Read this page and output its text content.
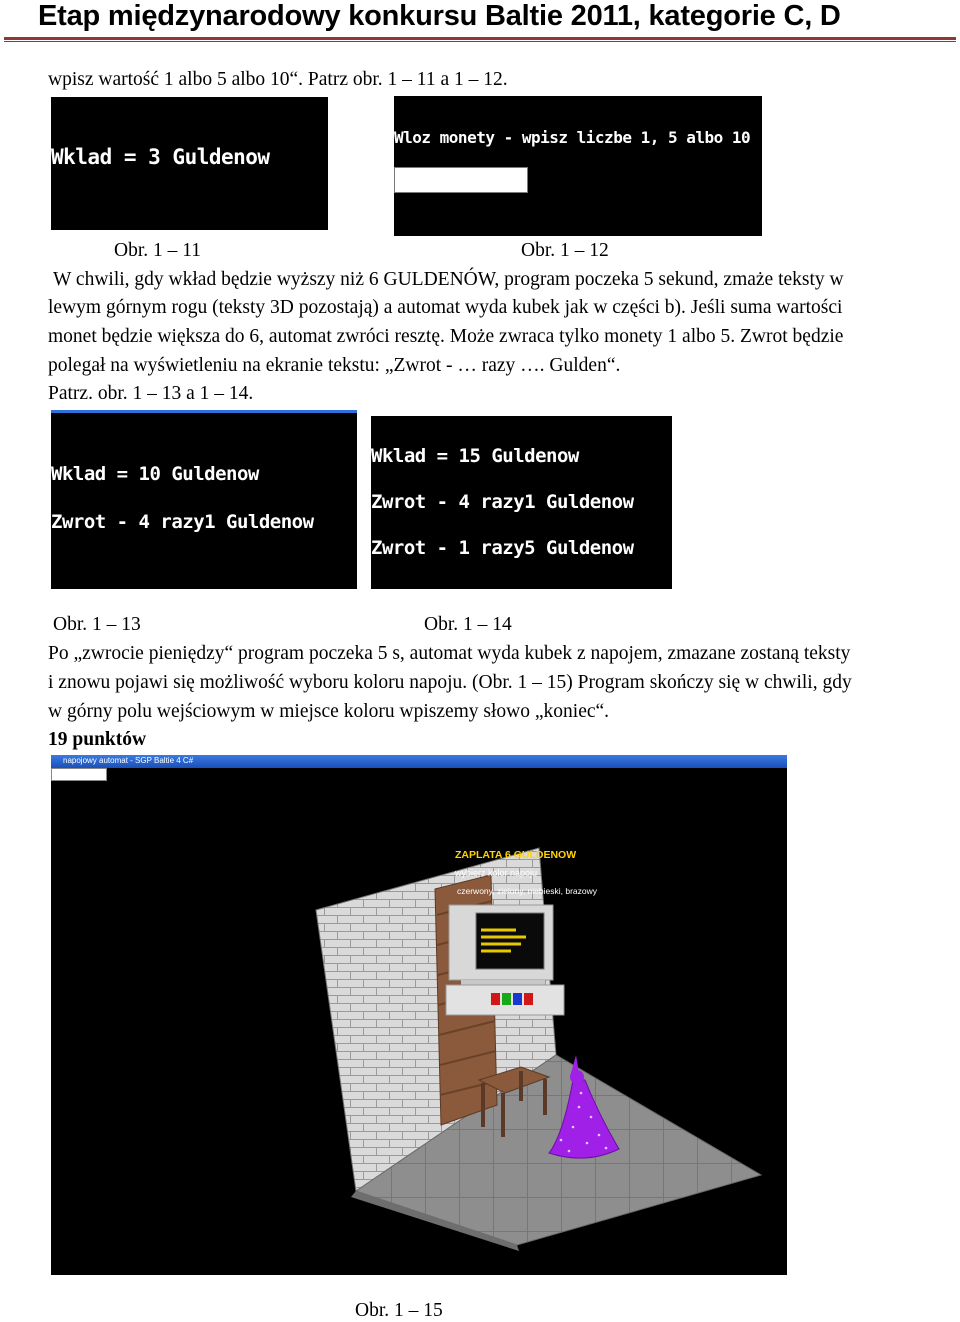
Etap międzynarodowy konkursu Baltie 2011, kategorie C, D
wpisz wartość 1 albo 5 albo 10“. Patrz obr. 1 – 11 a 1 – 12.
Wklad = 3 Guldenow
Obr. 1 – 11
Wloz monety - wpisz liczbe 1, 5 albo 10
Obr. 1 – 12
W chwili, gdy wkład będzie wyższy niż 6 GULDENÓW, program poczeka 5 sekund, zmaże teksty w
lewym górnym rogu (teksty 3D pozostają) a automat wyda kubek jak w części b). Jeśli suma wartości
monet będzie większa do 6, automat zwróci resztę. Może zwraca tylko monety 1 albo 5. Zwrot będzie
polegał na wyświetleniu na ekranie tekstu: „Zwrot - … razy …. Gulden“.
Patrz. obr. 1 – 13 a 1 – 14.
Wklad = 10 Guldenow
Zwrot - 4 razy1 Guldenow
Obr. 1 – 13
Wklad = 15 Guldenow
Zwrot - 4 razy1 Guldenow
Zwrot - 1 razy5 Guldenow
Obr. 1 – 14
Po „zwrocie pieniędzy“ program poczeka 5 s, automat wyda kubek z napojem, zmazane zostaną teksty
i znowu pojawi się możliwość wyboru koloru napoju. (Obr. 1 – 15) Program skończy się w chwili, gdy
w górny polu wejściowym w miejsce koloru wpiszemy słowo „koniec“.
19 punktów
napojowy automat - SGP Baltie 4 C#
ZAPLATA 6 GULDENOW
wybierz kolor napoju
czerwony, zielony, niebieski, brazowy
Obr. 1 – 15
